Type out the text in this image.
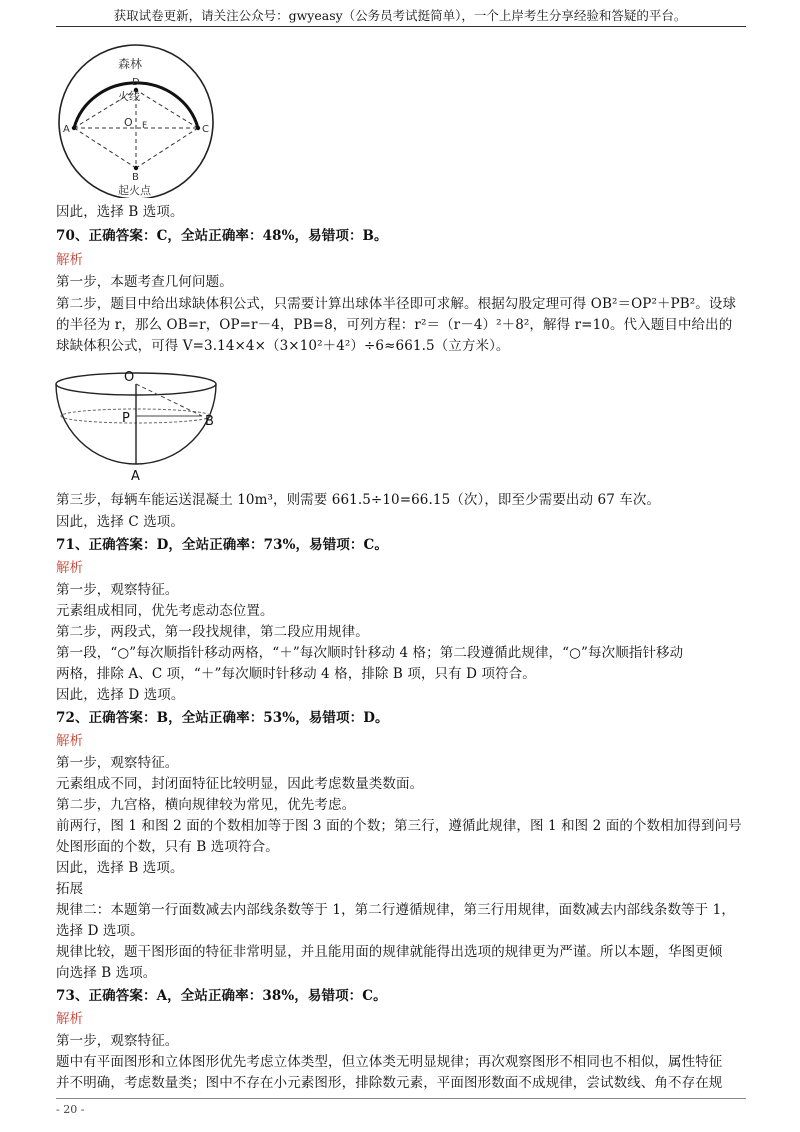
获取试卷更新，请关注公众号：gwyeasy（公务员考试挺简单），一个上岸考生分享经验和答疑的平台。
森林
D
火线
O F
A	C
B
起火点
因此，选择 B 选项。
70、正确答案：C，全站正确率：48%，易错项：B。
解析
第一步，本题考查几何问题。
第二步，题目中给出球缺体积公式，只需要计算出球体半径即可求解。根据勾股定理可得 OB²＝OP²＋PB²。设球
的半径为 r，那么 OB=r，OP=r－4，PB=8，可列方程：r²＝（r－4）²＋8²，解得 r=10。代入题目中给出的
球缺体积公式，可得 V=3.14×4×（3×10²＋4²）÷6≈661.5（立方米）。
O
P	B
A
第三步，每辆车能运送混凝土 10m³，则需要 661.5÷10=66.15（次），即至少需要出动 67 车次。
因此，选择 C 选项。
71、正确答案：D，全站正确率：73%，易错项：C。
解析
第一步，观察特征。
元素组成相同，优先考虑动态位置。
第二步，两段式，第一段找规律，第二段应用规律。
第一段，“○”每次顺指针移动两格，“＋”每次顺时针移动 4 格；第二段遵循此规律，“○”每次顺指针移动
两格，排除 A、C 项，“＋”每次顺时针移动 4 格，排除 B 项，只有 D 项符合。
因此，选择 D 选项。
72、正确答案：B，全站正确率：53%，易错项：D。
解析
第一步，观察特征。
元素组成不同，封闭面特征比较明显，因此考虑数量类数面。
第二步，九宫格，横向规律较为常见，优先考虑。
前两行，图 1 和图 2 面的个数相加等于图 3 面的个数；第三行，遵循此规律，图 1 和图 2 面的个数相加得到问号
处图形面的个数，只有 B 选项符合。
因此，选择 B 选项。
拓展
规律二：本题第一行面数减去内部线条数等于 1，第二行遵循规律，第三行用规律，面数减去内部线条数等于 1，
选择 D 选项。
规律比较，题干图形面的特征非常明显，并且能用面的规律就能得出选项的规律更为严谨。所以本题，华图更倾
向选择 B 选项。
73、正确答案：A，全站正确率：38%，易错项：C。
解析
第一步，观察特征。
题中有平面图形和立体图形优先考虑立体类型，但立体类无明显规律；再次观察图形不相同也不相似，属性特征
并不明确，考虑数量类；图中不存在小元素图形，排除数元素，平面图形数面不成规律，尝试数线、角不存在规
- 20 -
